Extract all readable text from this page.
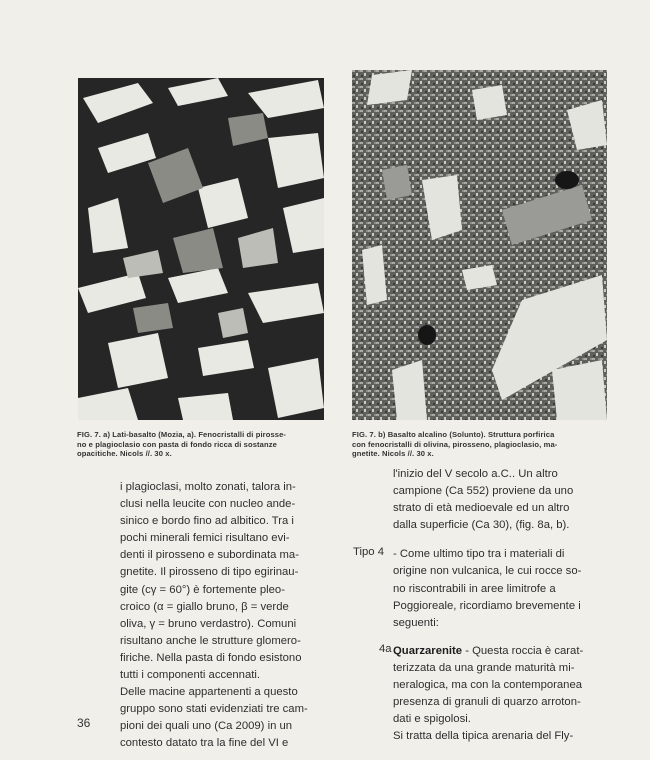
FIG. 7. a) Lati-basalto (Mozia, a). Fenocristalli di pirosse-
no e plagioclasio con pasta di fondo ricca di sostanze
opacitiche. Nicols //. 30 x.
FIG. 7. b) Basalto alcalino (Solunto). Struttura porfirica
con fenocristalli di olivina, pirosseno, plagioclasio, ma-
gnetite. Nicols //. 30 x.
i plagioclasi, molto zonati, talora in-
clusi nella leucite con nucleo ande-
sinico e bordo fino ad albitico. Tra i
pochi minerali femici risultano evi-
denti il pirosseno e subordinata ma-
gnetite. Il pirosseno di tipo egirinau-
gite (cγ = 60°) è fortemente pleo-
croico (α = giallo bruno, β = verde
oliva, γ = bruno verdastro). Comuni
risultano anche le strutture glomero-
firiche. Nella pasta di fondo esistono
tutti i componenti accennati.
Delle macine appartenenti a questo
gruppo sono stati evidenziati tre cam-
pioni dei quali uno (Ca 2009) in un
contesto datato tra la fine del VI e
l'inizio del V secolo a.C.. Un altro
campione (Ca 552) proviene da uno
strato di età medioevale ed un altro
dalla superficie (Ca 30), (fig. 8a, b).
- Come ultimo tipo tra i materiali di
origine non vulcanica, le cui rocce so-
no riscontrabili in aree limitrofe a
Poggioreale, ricordiamo brevemente i
seguenti:
Quarzarenite - Questa roccia è carat-
terizzata da una grande maturità mi-
neralogica, ma con la contemporanea
presenza di granuli di quarzo arroton-
dati e spigolosi.
Si tratta della tipica arenaria del Fly-
Tipo 4
4a
36
